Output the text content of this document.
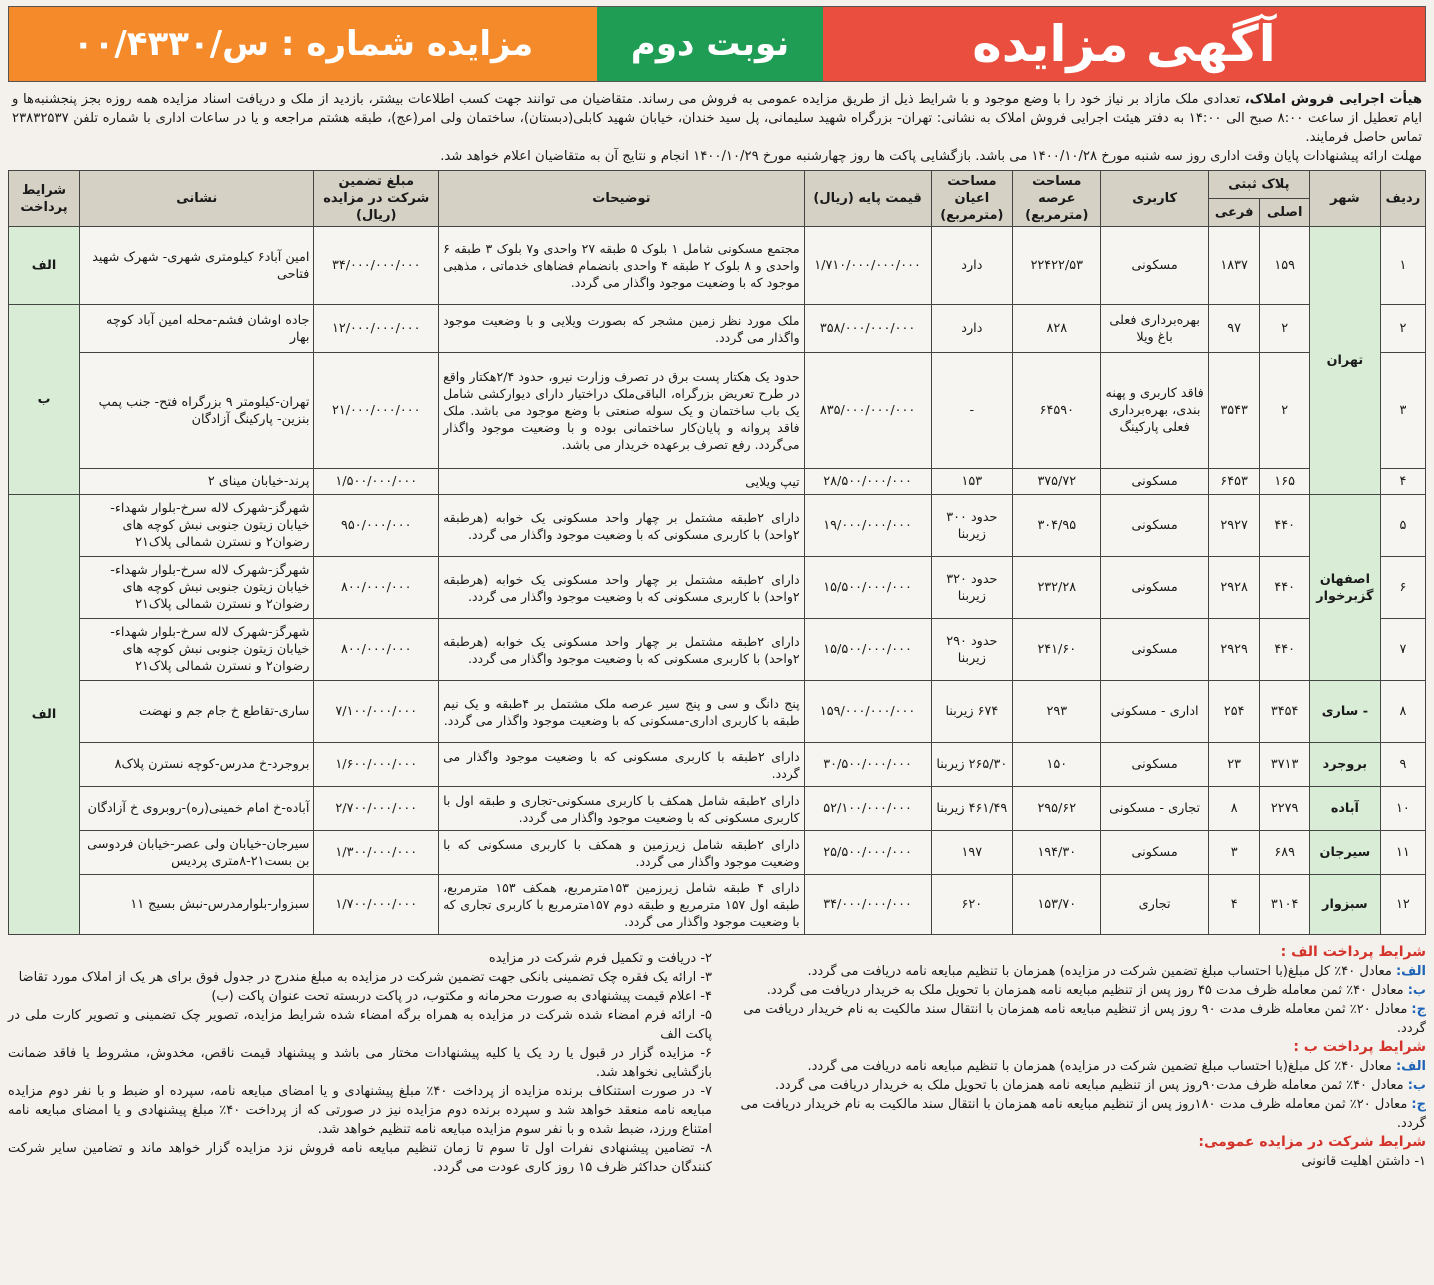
آگهی مزایده
نوبت دوم
مزایده شماره : س/۰۰/۴۳۳۰
هیأت اجرایی فروش املاک، تعدادی ملک مازاد بر نیاز خود را با وضع موجود و با شرایط ذیل از طریق مزایده عمومی به فروش می رساند. متقاضیان می توانند جهت کسب اطلاعات بیشتر، بازدید از ملک و دریافت اسناد مزایده همه روزه بجز پنجشنبه‌ها و ایام تعطیل از ساعت ۸:۰۰ صبح الی ۱۴:۰۰ به دفتر هیئت اجرایی فروش املاک به نشانی: تهران- بزرگراه شهید سلیمانی، پل سید خندان، خیابان شهید کابلی(دبستان)، ساختمان ولی امر(عج)، طبقه هشتم مراجعه و یا در ساعات اداری با شماره تلفن ۲۳۸۳۲۵۳۷ تماس حاصل فرمایند.
مهلت ارائه پیشنهادات پایان وقت اداری روز سه شنبه مورخ ۱۴۰۰/۱۰/۲۸ می باشد. بازگشایی پاکت ها روز چهارشنبه مورخ ۱۴۰۰/۱۰/۲۹ انجام و نتایج آن به متقاضیان اعلام خواهد شد.
ردیف	شهر	پلاک ثبتی		کاربری	مساحت عرصه (مترمربع)	مساحت اعیان (مترمربع)	قیمت پایه (ریال)	توضیحات	مبلغ تضمین شرکت در مزایده (ریال)	نشانی	شرایط پرداخت
		اصلی	فرعی								
۱	تهران	۱۵۹	۱۸۳۷	مسکونی	۲۲۴۲۲/۵۳	دارد	۱/۷۱۰/۰۰۰/۰۰۰/۰۰۰	مجتمع مسکونی شامل ۱ بلوک ۵ طبقه ۲۷ واحدی و۷ بلوک ۳ طبقه ۶ واحدی و ۸ بلوک ۲ طبقه ۴ واحدی بانضمام فضاهای خدماتی ، مذهبی موجود که با وضعیت موجود واگذار می گردد.	۳۴/۰۰۰/۰۰۰/۰۰۰	امین آباد۶ کیلومتری شهری- شهرک شهید فتاحی	الف
۲		۲	۹۷	بهره‌برداری فعلی باغ ویلا	۸۲۸	دارد	۳۵۸/۰۰۰/۰۰۰/۰۰۰	ملک مورد نظر زمین مشجر که بصورت ویلایی و با وضعیت موجود واگذار می گردد.	۱۲/۰۰۰/۰۰۰/۰۰۰	جاده اوشان فشم-محله امین آباد کوچه بهار	ب
۳		۲	۳۵۴۳	فاقد کاربری و پهنه بندی، بهره‌برداری فعلی پارکینگ	۶۴۵۹۰	-	۸۳۵/۰۰۰/۰۰۰/۰۰۰	حدود یک هکتار پست برق در تصرف وزارت نیرو، حدود ۲/۴هکتار واقع در طرح تعریض بزرگراه، الباقی‌ملک دراختیار دارای دیوارکشی شامل یک باب ساختمان و یک سوله صنعتی با وضع موجود می باشد. ملک فاقد پروانه و پایان‌کار ساختمانی بوده و با وضعیت موجود واگذار می‌گردد. رفع تصرف برعهده خریدار می باشد.	۲۱/۰۰۰/۰۰۰/۰۰۰	تهران-کیلومتر ۹ بزرگراه فتح- جنب پمپ بنزین- پارکینگ آزادگان	
۴		۱۶۵	۶۴۵۳	مسکونی	۳۷۵/۷۲	۱۵۳	۲۸/۵۰۰/۰۰۰/۰۰۰	تیپ ویلایی	۱/۵۰۰/۰۰۰/۰۰۰	پرند-خیابان مینای ۲	
۵	اصفهان گزبرخوار	۴۴۰	۲۹۲۷	مسکونی	۳۰۴/۹۵	حدود ۳۰۰ زیربنا	۱۹/۰۰۰/۰۰۰/۰۰۰	دارای ۲طبقه مشتمل بر چهار واحد مسکونی یک خوابه (هرطبقه ۲واحد) با کاربری مسکونی که با وضعیت موجود واگذار می گردد.	۹۵۰/۰۰۰/۰۰۰	شهرگز-شهرک لاله سرخ-بلوار شهداء- خیابان زیتون جنوبی نبش کوچه های رضوان۲ و نسترن شمالی پلاک۲۱	الف
۶		۴۴۰	۲۹۲۸	مسکونی	۲۳۲/۲۸	حدود ۳۲۰ زیربنا	۱۵/۵۰۰/۰۰۰/۰۰۰	دارای ۲طبقه مشتمل بر چهار واحد مسکونی یک خوابه (هرطبقه ۲واحد) با کاربری مسکونی که با وضعیت موجود واگذار می گردد.	۸۰۰/۰۰۰/۰۰۰	شهرگز-شهرک لاله سرخ-بلوار شهداء- خیابان زیتون جنوبی نبش کوچه های رضوان۲ و نسترن شمالی پلاک۲۱	
۷		۴۴۰	۲۹۲۹	مسکونی	۲۴۱/۶۰	حدود ۲۹۰ زیربنا	۱۵/۵۰۰/۰۰۰/۰۰۰	دارای ۲طبقه مشتمل بر چهار واحد مسکونی یک خوابه (هرطبقه ۲واحد) با کاربری مسکونی که با وضعیت موجود واگذار می گردد.	۸۰۰/۰۰۰/۰۰۰	شهرگز-شهرک لاله سرخ-بلوار شهداء- خیابان زیتون جنوبی نبش کوچه های رضوان۲ و نسترن شمالی پلاک۲۱	
۸	- ساری	۳۴۵۴	۲۵۴	اداری - مسکونی	۲۹۳	۶۷۴ زیربنا	۱۵۹/۰۰۰/۰۰۰/۰۰۰	پنج دانگ و سی و پنج سیر عرصه ملک مشتمل بر ۴طبقه و یک نیم طبقه با کاربری اداری-مسکونی که با وضعیت موجود واگذار می گردد.	۷/۱۰۰/۰۰۰/۰۰۰	ساری-تقاطع خ جام جم و نهضت	
۹	بروجرد	۳۷۱۳	۲۳	مسکونی	۱۵۰	۲۶۵/۳۰ زیربنا	۳۰/۵۰۰/۰۰۰/۰۰۰	دارای ۲طبقه با کاربری مسکونی که با وضعیت موجود واگذار می گردد.	۱/۶۰۰/۰۰۰/۰۰۰	بروجرد-خ مدرس-کوچه نسترن پلاک۸	
۱۰	آباده	۲۲۷۹	۸	تجاری - مسکونی	۲۹۵/۶۲	۴۶۱/۴۹ زیربنا	۵۲/۱۰۰/۰۰۰/۰۰۰	دارای ۲طبقه شامل همکف با کاربری مسکونی-تجاری و طبقه اول با کاربری مسکونی که با وضعیت موجود واگذار می گردد.	۲/۷۰۰/۰۰۰/۰۰۰	آباده-خ امام خمینی(ره)-روبروی خ آزادگان	
۱۱	سیرجان	۶۸۹	۳	مسکونی	۱۹۴/۳۰	۱۹۷	۲۵/۵۰۰/۰۰۰/۰۰۰	دارای ۲طبقه شامل زیرزمین و همکف با کاربری مسکونی که با وضعیت موجود واگذار می گردد.	۱/۳۰۰/۰۰۰/۰۰۰	سیرجان-خیابان ولی عصر-خیابان فردوسی بن بست۲۱-۸متری پردیس	
۱۲	سبزوار	۳۱۰۴	۴	تجاری	۱۵۳/۷۰	۶۲۰	۳۴/۰۰۰/۰۰۰/۰۰۰	دارای ۴ طبقه شامل زیرزمین ۱۵۳مترمربع، همکف ۱۵۳ مترمربع، طبقه اول ۱۵۷ مترمربع و طبقه دوم ۱۵۷مترمربع با کاربری تجاری که با وضعیت موجود واگذار می گردد.	۱/۷۰۰/۰۰۰/۰۰۰	سبزوار-بلوارمدرس-نبش بسیج ۱۱	
شرایط پرداخت الف :

الف: معادل ۴۰٪ کل مبلغ(با احتساب مبلغ تضمین شرکت در مزایده) همزمان با تنظیم مبایعه نامه دریافت می گردد.

ب: معادل ۴۰٪ ثمن معامله ظرف مدت ۴۵ روز پس از تنظیم مبایعه نامه همزمان با تحویل ملک به خریدار دریافت می گردد.

ج: معادل ۲۰٪ ثمن معامله ظرف مدت ۹۰ روز پس از تنظیم مبایعه نامه همزمان با انتقال سند مالکیت به نام خریدار دریافت می گردد.

شرایط پرداخت ب :

الف: معادل ۴۰٪ کل مبلغ(با احتساب مبلغ تضمین شرکت در مزایده) همزمان با تنظیم مبایعه نامه دریافت می گردد.

ب: معادل ۴۰٪ ثمن معامله ظرف مدت۹۰روز پس از تنظیم مبایعه نامه همزمان با تحویل ملک به خریدار دریافت می گردد.

ج: معادل ۲۰٪ ثمن معامله ظرف مدت ۱۸۰روز پس از تنظیم مبایعه نامه همزمان با انتقال سند مالکیت به نام خریدار دریافت می گردد.

شرایط شرکت در مزایده عمومی:

۱- داشتن اهلیت قانونی

۲- دریافت و تکمیل فرم شرکت در مزایده

۳- ارائه یک فقره چک تضمینی بانکی جهت تضمین شرکت در مزایده به مبلغ مندرج در جدول فوق برای هر یک از املاک مورد تقاضا

۴- اعلام قیمت پیشنهادی به صورت محرمانه و مکتوب، در پاکت دربسته تحت عنوان پاکت (ب)

۵- ارائه فرم امضاء شده شرکت در مزایده به همراه برگه امضاء شده شرایط مزایده، تصویر چک تضمینی و تصویر کارت ملی در پاکت الف

۶- مزایده گزار در قبول یا رد یک یا کلیه پیشنهادات مختار می باشد و پیشنهاد قیمت ناقص، مخدوش، مشروط یا فاقد ضمانت بازگشایی نخواهد شد.

۷- در صورت استنکاف برنده مزایده از پرداخت ۴۰٪ مبلغ پیشنهادی و یا امضای مبایعه نامه، سپرده او ضبط و با نفر دوم مزایده مبایعه نامه منعقد خواهد شد و سپرده برنده دوم مزایده نیز در صورتی که از پرداخت ۴۰٪ مبلغ پیشنهادی و یا امضای مبایعه نامه امتناع ورزد، ضبط شده و با نفر سوم مزایده مبایعه نامه تنظیم خواهد شد.

۸- تضامین پیشنهادی نفرات اول تا سوم تا زمان تنظیم مبایعه نامه فروش نزد مزایده گزار خواهد ماند و تضامین سایر شرکت کنندگان حداکثر ظرف ۱۵ روز کاری عودت می گردد.
